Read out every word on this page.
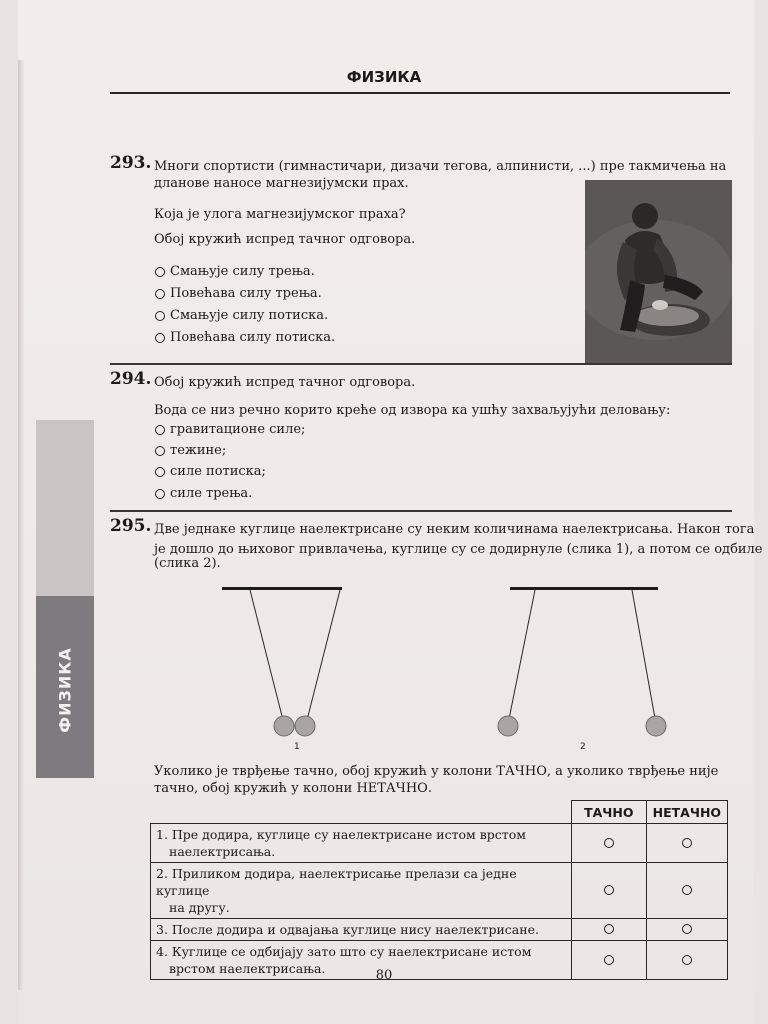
ФИЗИКА
ФИЗИКА
293. Многи спортисти (гимнастичари, дизачи тегова, алпинисти, ...) пре такмичења на
дланове наносе магнезијумски прах.
Која је улога магнезијумског праха?
Обој кружић испред тачног одговора.
Смањује силу трења.
Повећава силу трења.
Смањује силу потиска.
Повећава силу потиска.
294. Обој кружић испред тачног одговора.
Вода се низ речно корито креће од извора ка ушћу захваљујући деловању:
гравитационе силе;
тежине;
силе потиска;
силе трења.
295. Две једнаке куглице наелектрисане су неким количинама наелектрисања. Након тога
је дошло до њиховог привлачења, куглице су се додирнуле (слика 1), а потом се одбиле
(слика 2).
1	2
Уколико је тврђење тачно, обој кружић у колони ТАЧНО, а уколико тврђење није
тачно, обој кружић у колони НЕТАЧНО.
	ТАЧНО	НЕТАЧНО

1. Пре додира, куглице су наелектрисане истом врстом
наелектрисања.		

2. Приликом додира, наелектрисање прелази са једне куглице
на другу.		

3. После додира и одвајања куглице нису наелектрисане.		

4. Куглице се одбијају зато што су наелектрисане истом
врстом наелектрисања.		
			80
